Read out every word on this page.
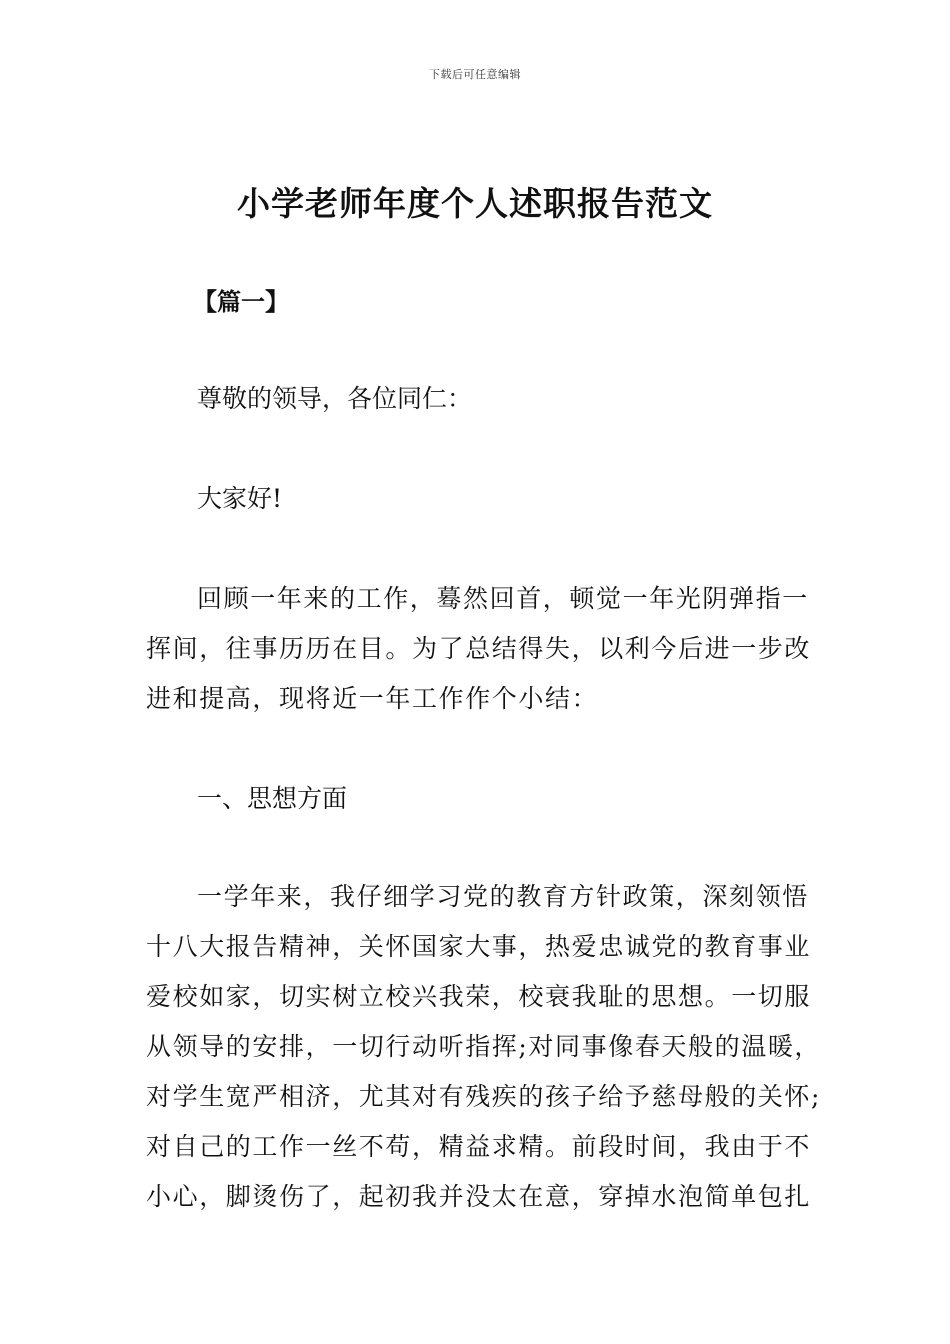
下载后可任意编辑
小学老师年度个人述职报告范文
【篇一】
尊敬的领导，各位同仁：
大家好!
回顾一年来的工作，蓦然回首，顿觉一年光阴弹指一
挥间，往事历历在目。为了总结得失，以利今后进一步改
进和提高，现将近一年工作作个小结：
一、思想方面
一学年来，我仔细学习党的教育方针政策，深刻领悟
十八大报告精神，关怀国家大事，热爱忠诚党的教育事业
爱校如家，切实树立校兴我荣，校衰我耻的思想。一切服
从领导的安排，一切行动听指挥;对同事像春天般的温暖，
对学生宽严相济，尤其对有残疾的孩子给予慈母般的关怀;
对自己的工作一丝不苟，精益求精。前段时间，我由于不
小心，脚烫伤了，起初我并没太在意，穿掉水泡简单包扎
